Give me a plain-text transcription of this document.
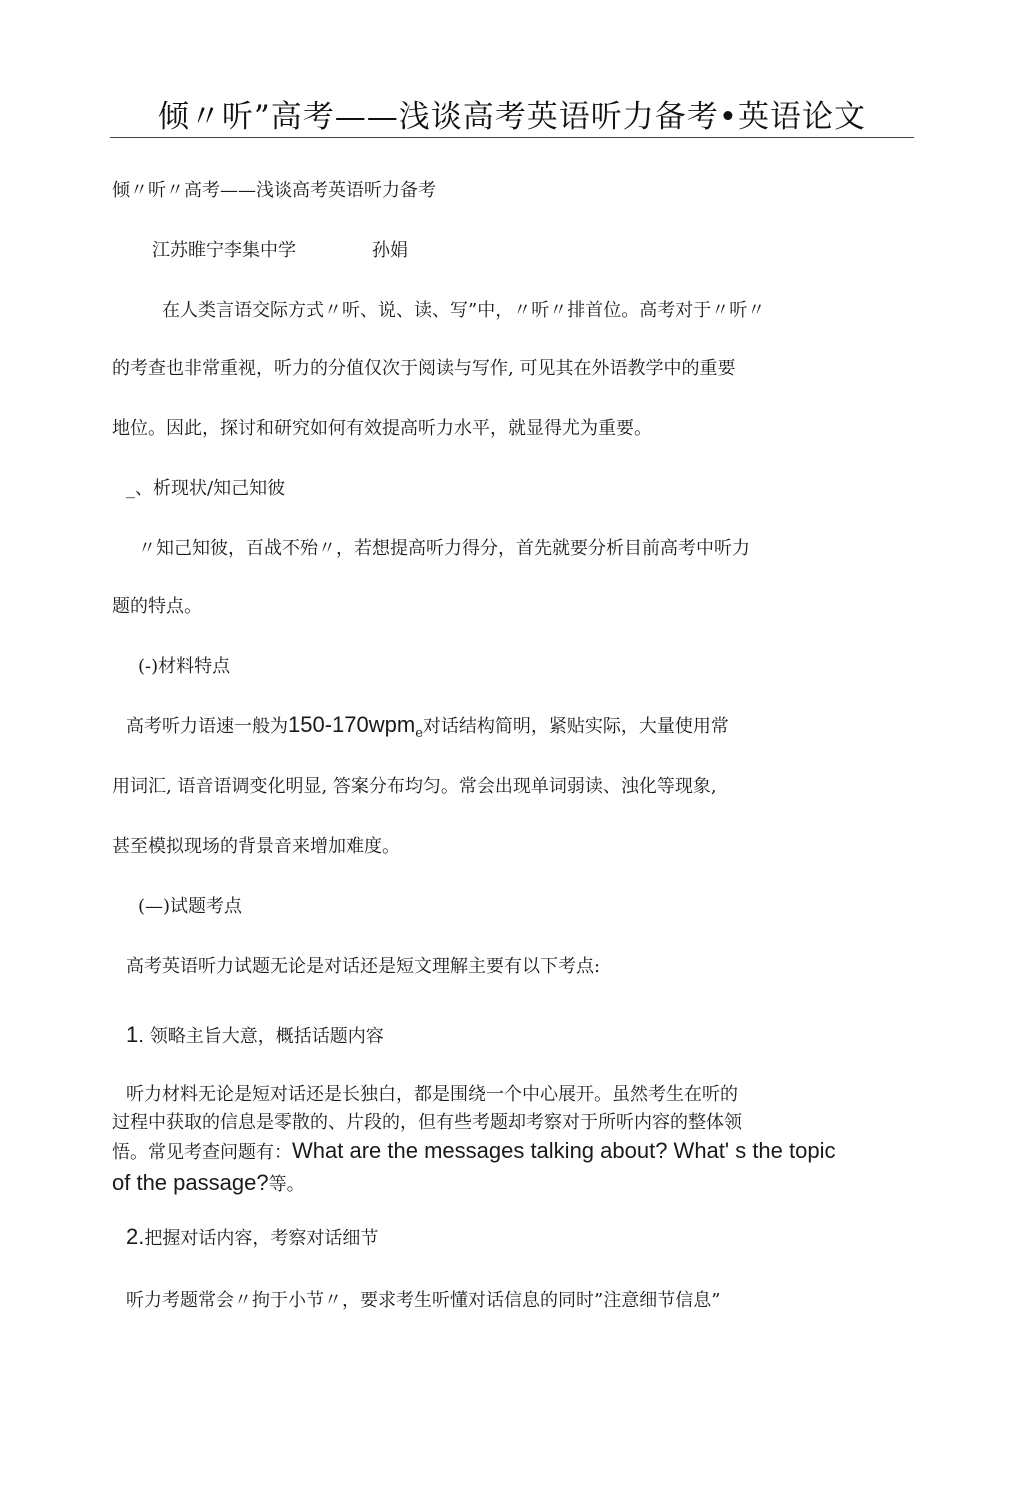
倾〃听”高考——浅谈高考英语听力备考•英语论文
倾〃听〃高考——浅谈高考英语听力备考
江苏睢宁李集中学	孙娟
在人类言语交际方式〃听、说、读、写”中，〃听〃排首位。高考对于〃听〃
的考查也非常重视，听力的分值仅次于阅读与写作, 可见其在外语教学中的重要
地位。因此，探讨和研究如何有效提高听力水平，就显得尤为重要。
_、析现状/知己知彼
〃知己知彼，百战不殆〃，若想提高听力得分，首先就要分析目前高考中听力
题的特点。
(-)材料特点
高考听力语速一般为150-170wpm$_e$对话结构简明，紧贴实际，大量使用常
用词汇, 语音语调变化明显, 答案分布均匀。常会出现单词弱读、浊化等现象,
甚至模拟现场的背景音来增加难度。
(—)试题考点
高考英语听力试题无论是对话还是短文理解主要有以下考点:
1. 领略主旨大意，概括话题内容
听力材料无论是短对话还是长独白，都是围绕一个中心展开。虽然考生在听的
过程中获取的信息是零散的、片段的，但有些考题却考察对于所听内容的整体领
悟。常见考查问题有：What are the messages talking about? What' s the topic
of the passage?等。
2.把握对话内容，考察对话细节
听力考题常会〃拘于小节〃，要求考生听懂对话信息的同时”注意细节信息”
